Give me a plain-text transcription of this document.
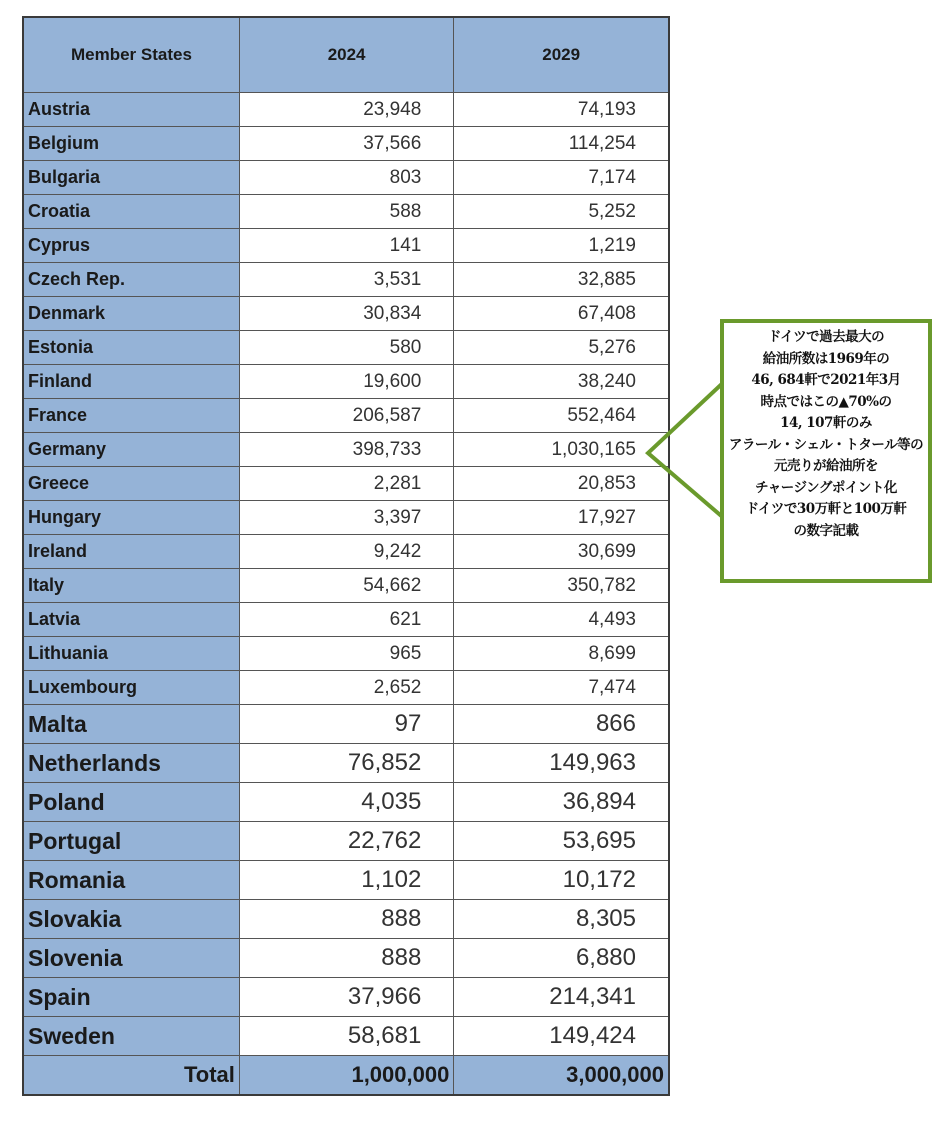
Member States	2024	2029
Austria	23,948	74,193
Belgium	37,566	114,254
Bulgaria	803	7,174
Croatia	588	5,252
Cyprus	141	1,219
Czech Rep.	3,531	32,885
Denmark	30,834	67,408
Estonia	580	5,276
Finland	19,600	38,240
France	206,587	552,464
Germany	398,733	1,030,165
Greece	2,281	20,853
Hungary	3,397	17,927
Ireland	9,242	30,699
Italy	54,662	350,782
Latvia	621	4,493
Lithuania	965	8,699
Luxembourg	2,652	7,474
Malta	97	866
Netherlands	76,852	149,963
Poland	4,035	36,894
Portugal	22,762	53,695
Romania	1,102	10,172
Slovakia	888	8,305
Slovenia	888	6,880
Spain	37,966	214,341
Sweden	58,681	149,424
Total	1,000,000	3,000,000
ドイツで過去最大の
給油所数は1969年の
46, 684軒で2021年3月
時点ではこの▲70%の
14, 107軒のみ
アラール・シェル・トタール等の
元売りが給油所を
チャージングポイント化
ドイツで30万軒と100万軒
の数字記載
